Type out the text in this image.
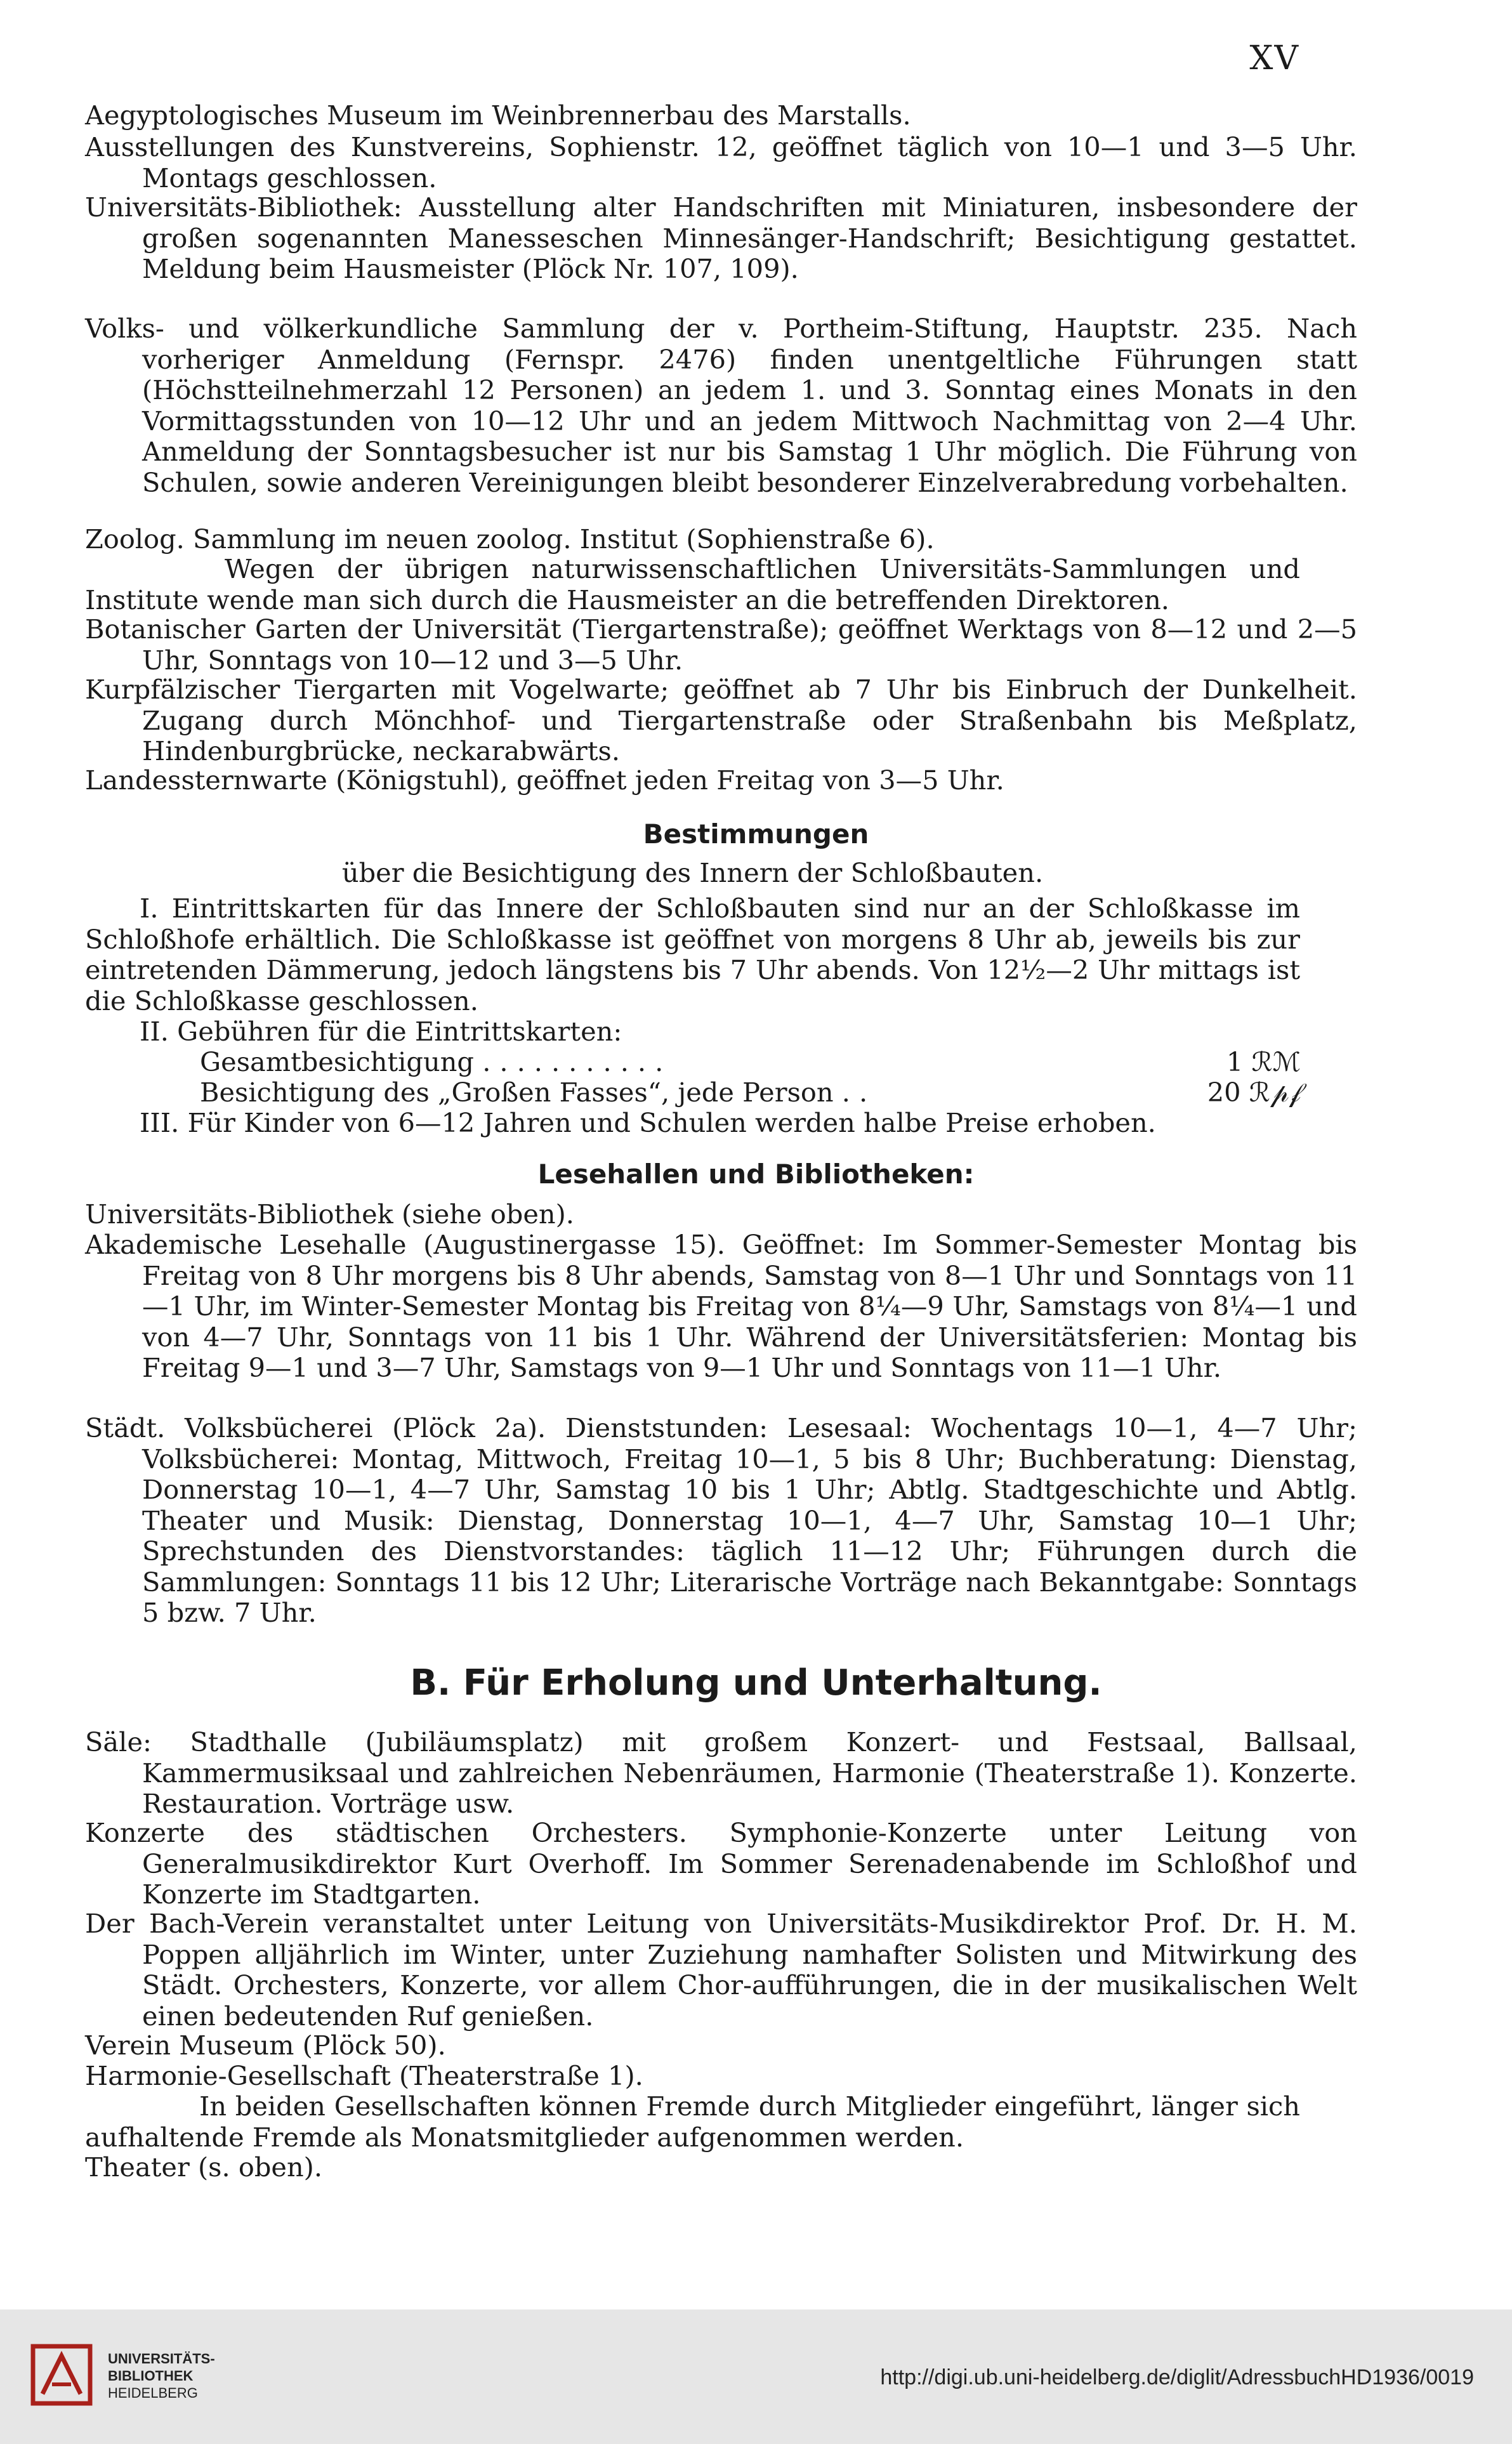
XV
Aegyptologisches Museum im Weinbrennerbau des Marstalls.
Ausstellungen des Kunstvereins, Sophienstr. 12, geöffnet täglich von 10—1 und 3—5 Uhr. Montags geschlossen.
Universitäts-Bibliothek: Ausstellung alter Handschriften mit Miniaturen, insbesondere der großen sogenannten Manesseschen Minnesänger-Handschrift; Besichtigung gestattet. Meldung beim Hausmeister (Plöck Nr. 107, 109).
Volks- und völkerkundliche Sammlung der v. Portheim-Stiftung, Hauptstr. 235. Nach vorheriger Anmeldung (Fernspr. 2476) finden unentgeltliche Führungen statt (Höchstteilnehmerzahl 12 Personen) an jedem 1. und 3. Sonntag eines Monats in den Vormittagsstunden von 10—12 Uhr und an jedem Mittwoch Nachmittag von 2—4 Uhr. Anmeldung der Sonntagsbesucher ist nur bis Samstag 1 Uhr möglich. Die Führung von Schulen, sowie anderen Vereinigungen bleibt besonderer Einzelverabredung vorbehalten.
Zoolog. Sammlung im neuen zoolog. Institut (Sophienstraße 6).
Wegen der übrigen naturwissenschaftlichen Universitäts-Sammlungen und Institute wende man sich durch die Hausmeister an die betreffenden Direktoren.
Botanischer Garten der Universität (Tiergartenstraße); geöffnet Werktags von 8—12 und 2—5 Uhr, Sonntags von 10—12 und 3—5 Uhr.
Kurpfälzischer Tiergarten mit Vogelwarte; geöffnet ab 7 Uhr bis Einbruch der Dunkelheit. Zugang durch Mönchhof- und Tiergartenstraße oder Straßenbahn bis Meßplatz, Hindenburgbrücke, neckarabwärts.
Landessternwarte (Königstuhl), geöffnet jeden Freitag von 3—5 Uhr.
Bestimmungen
über die Besichtigung des Innern der Schloßbauten.
I. Eintrittskarten für das Innere der Schloßbauten sind nur an der Schloßkasse im Schloßhofe erhältlich. Die Schloßkasse ist geöffnet von morgens 8 Uhr ab, jeweils bis zur eintretenden Dämmerung, jedoch längstens bis 7 Uhr abends. Von 12½—2 Uhr mittags ist die Schloßkasse geschlossen.
II. Gebühren für die Eintrittskarten:
Gesamtbesichtigung ...........	1 ℛℳ
Besichtigung des „Großen Fasses“, jede Person ..	20 ℛ𝓅𝒻
III. Für Kinder von 6—12 Jahren und Schulen werden halbe Preise erhoben.
Lesehallen und Bibliotheken:
Universitäts-Bibliothek (siehe oben).
Akademische Lesehalle (Augustinergasse 15). Geöffnet: Im Sommer-Semester Montag bis Freitag von 8 Uhr morgens bis 8 Uhr abends, Samstag von 8—1 Uhr und Sonntags von 11—1 Uhr, im Winter-Semester Montag bis Freitag von 8¼—9 Uhr, Samstags von 8¼—1 und von 4—7 Uhr, Sonntags von 11 bis 1 Uhr. Während der Universitätsferien: Montag bis Freitag 9—1 und 3—7 Uhr, Samstags von 9—1 Uhr und Sonntags von 11—1 Uhr.
Städt. Volksbücherei (Plöck 2a). Dienststunden: Lesesaal: Wochentags 10—1, 4—7 Uhr; Volksbücherei: Montag, Mittwoch, Freitag 10—1, 5 bis 8 Uhr; Buchberatung: Dienstag, Donnerstag 10—1, 4—7 Uhr, Samstag 10 bis 1 Uhr; Abtlg. Stadtgeschichte und Abtlg. Theater und Musik: Dienstag, Donnerstag 10—1, 4—7 Uhr, Samstag 10—1 Uhr; Sprechstunden des Dienstvorstandes: täglich 11—12 Uhr; Führungen durch die Sammlungen: Sonntags 11 bis 12 Uhr; Literarische Vorträge nach Bekanntgabe: Sonntags 5 bzw. 7 Uhr.
B. Für Erholung und Unterhaltung.
Säle: Stadthalle (Jubiläumsplatz) mit großem Konzert- und Festsaal, Ballsaal, Kammermusiksaal und zahlreichen Nebenräumen, Harmonie (Theaterstraße 1). Konzerte. Restauration. Vorträge usw.
Konzerte des städtischen Orchesters. Symphonie-Konzerte unter Leitung von Generalmusikdirektor Kurt Overhoff. Im Sommer Serenadenabende im Schloßhof und Konzerte im Stadtgarten.
Der Bach-Verein veranstaltet unter Leitung von Universitäts-Musikdirektor Prof. Dr. H. M. Poppen alljährlich im Winter, unter Zuziehung namhafter Solisten und Mitwirkung des Städt. Orchesters, Konzerte, vor allem Chor-aufführungen, die in der musikalischen Welt einen bedeutenden Ruf genießen.
Verein Museum (Plöck 50).
Harmonie-Gesellschaft (Theaterstraße 1).
In beiden Gesellschaften können Fremde durch Mitglieder eingeführt, länger sich aufhaltende Fremde als Monatsmitglieder aufgenommen werden.
Theater (s. oben).
UNIVERSITÄTS-
BIBLIOTHEK
HEIDELBERG
http://digi.ub.uni-heidelberg.de/diglit/AdressbuchHD1936/0019
